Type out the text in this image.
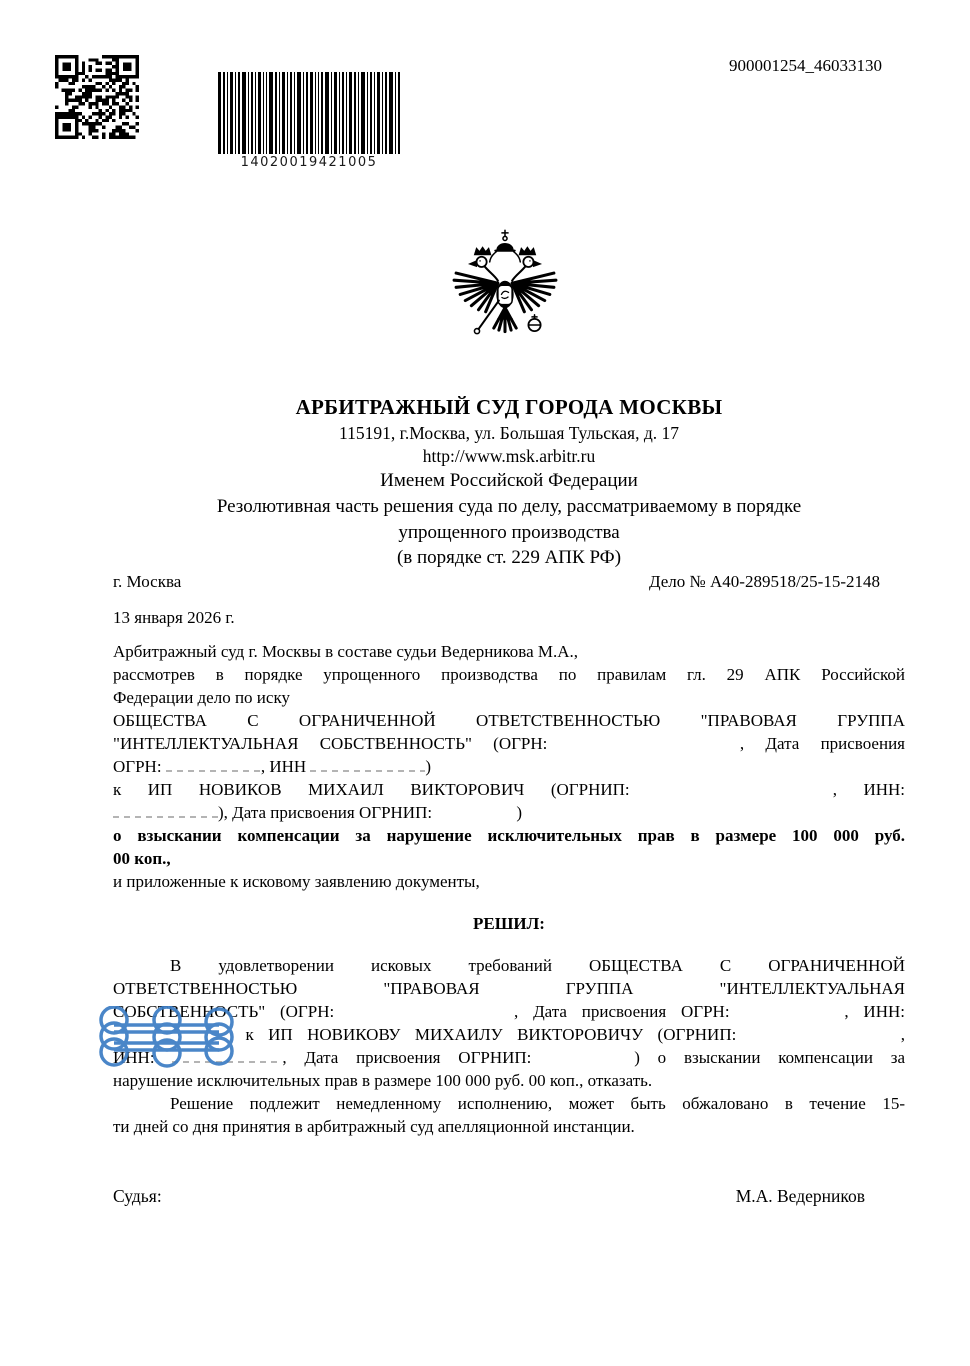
14020019421005
900001254_46033130
АРБИТРАЖНЫЙ СУД ГОРОДА МОСКВЫ
115191, г.Москва, ул. Большая Тульская, д. 17
http://www.msk.arbitr.ru
Именем Российской Федерации
Резолютивная часть решения суда по делу, рассматриваемому в порядке
упрощенного производства
(в порядке ст. 229 АПК РФ)
г. Москва	Дело № А40-289518/25-15-2148
13 января 2026 г.
Арбитражный суд г. Москвы в составе судьи Ведерникова М.А.,
рассмотрев в порядке упрощенного производства по правилам гл. 29 АПК Российской
Федерации дело по иску
ОБЩЕСТВА С ОГРАНИЧЕННОЙ ОТВЕТСТВЕННОСТЬЮ "ПРАВОВАЯ ГРУППА
"ИНТЕЛЛЕКТУАЛЬНАЯ СОБСТВЕННОСТЬ" (ОГРН:	, Дата присвоения
ОГРН:	, ИНН	)
к ИП НОВИКОВ МИХАИЛ ВИКТОРОВИЧ (ОГРНИП:	, ИНН:
), Дата присвоения ОГРНИП:	)
о взыскании компенсации за нарушение исключительных прав в размере 100 000 руб.
00 коп.,
и приложенные к исковому заявлению документы,
РЕШИЛ:
В удовлетворении исковых требований ОБЩЕСТВА С ОГРАНИЧЕННОЙ
ОТВЕТСТВЕННОСТЬЮ "ПРАВОВАЯ ГРУППА "ИНТЕЛЛЕКТУАЛЬНАЯ
СОБСТВЕННОСТЬ" (ОГРН:	, Дата присвоения ОГРН:	, ИНН:
к ИП НОВИКОВУ МИХАИЛУ ВИКТОРОВИЧУ (ОГРНИП:	,
ИНН:	, Дата присвоения ОГРНИП:	) о взыскании компенсации за
нарушение исключительных прав в размере 100 000 руб. 00 коп., отказать.
Решение подлежит немедленному исполнению, может быть обжаловано в течение 15-
ти дней со дня принятия в арбитражный суд апелляционной инстанции.
Судья:	М.А. Ведерников
